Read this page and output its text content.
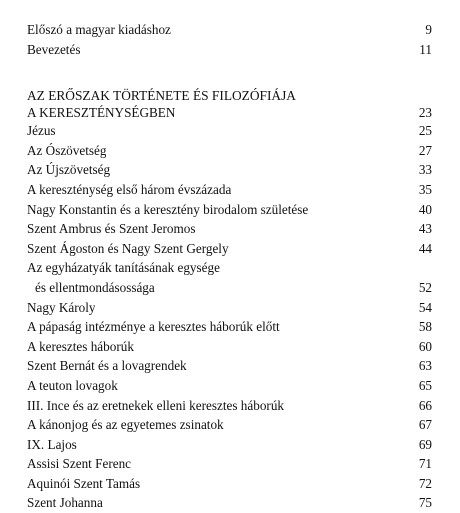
Előszó a magyar kiadáshoz	9
Bevezetés	11
AZ ERŐSZAK TÖRTÉNETE ÉS FILOZÓFIÁJA
A KERESZTÉNYSÉGBEN	23
Jézus	25
Az Ószövetség	27
Az Újszövetség	33
A kereszténység első három évszázada	35
Nagy Konstantin és a keresztény birodalom születése	40
Szent Ambrus és Szent Jeromos	43
Szent Ágoston és Nagy Szent Gergely	44
Az egyházatyák tanításának egysége
és ellentmondásossága	52
Nagy Károly	54
A pápaság intézménye a keresztes háborúk előtt	58
A keresztes háborúk	60
Szent Bernát és a lovagrendek	63
A teuton lovagok	65
III. Ince és az eretnekek elleni keresztes háborúk	66
A kánonjog és az egyetemes zsinatok	67
IX. Lajos	69
Assisi Szent Ferenc	71
Aquinói Szent Tamás	72
Szent Johanna	75
